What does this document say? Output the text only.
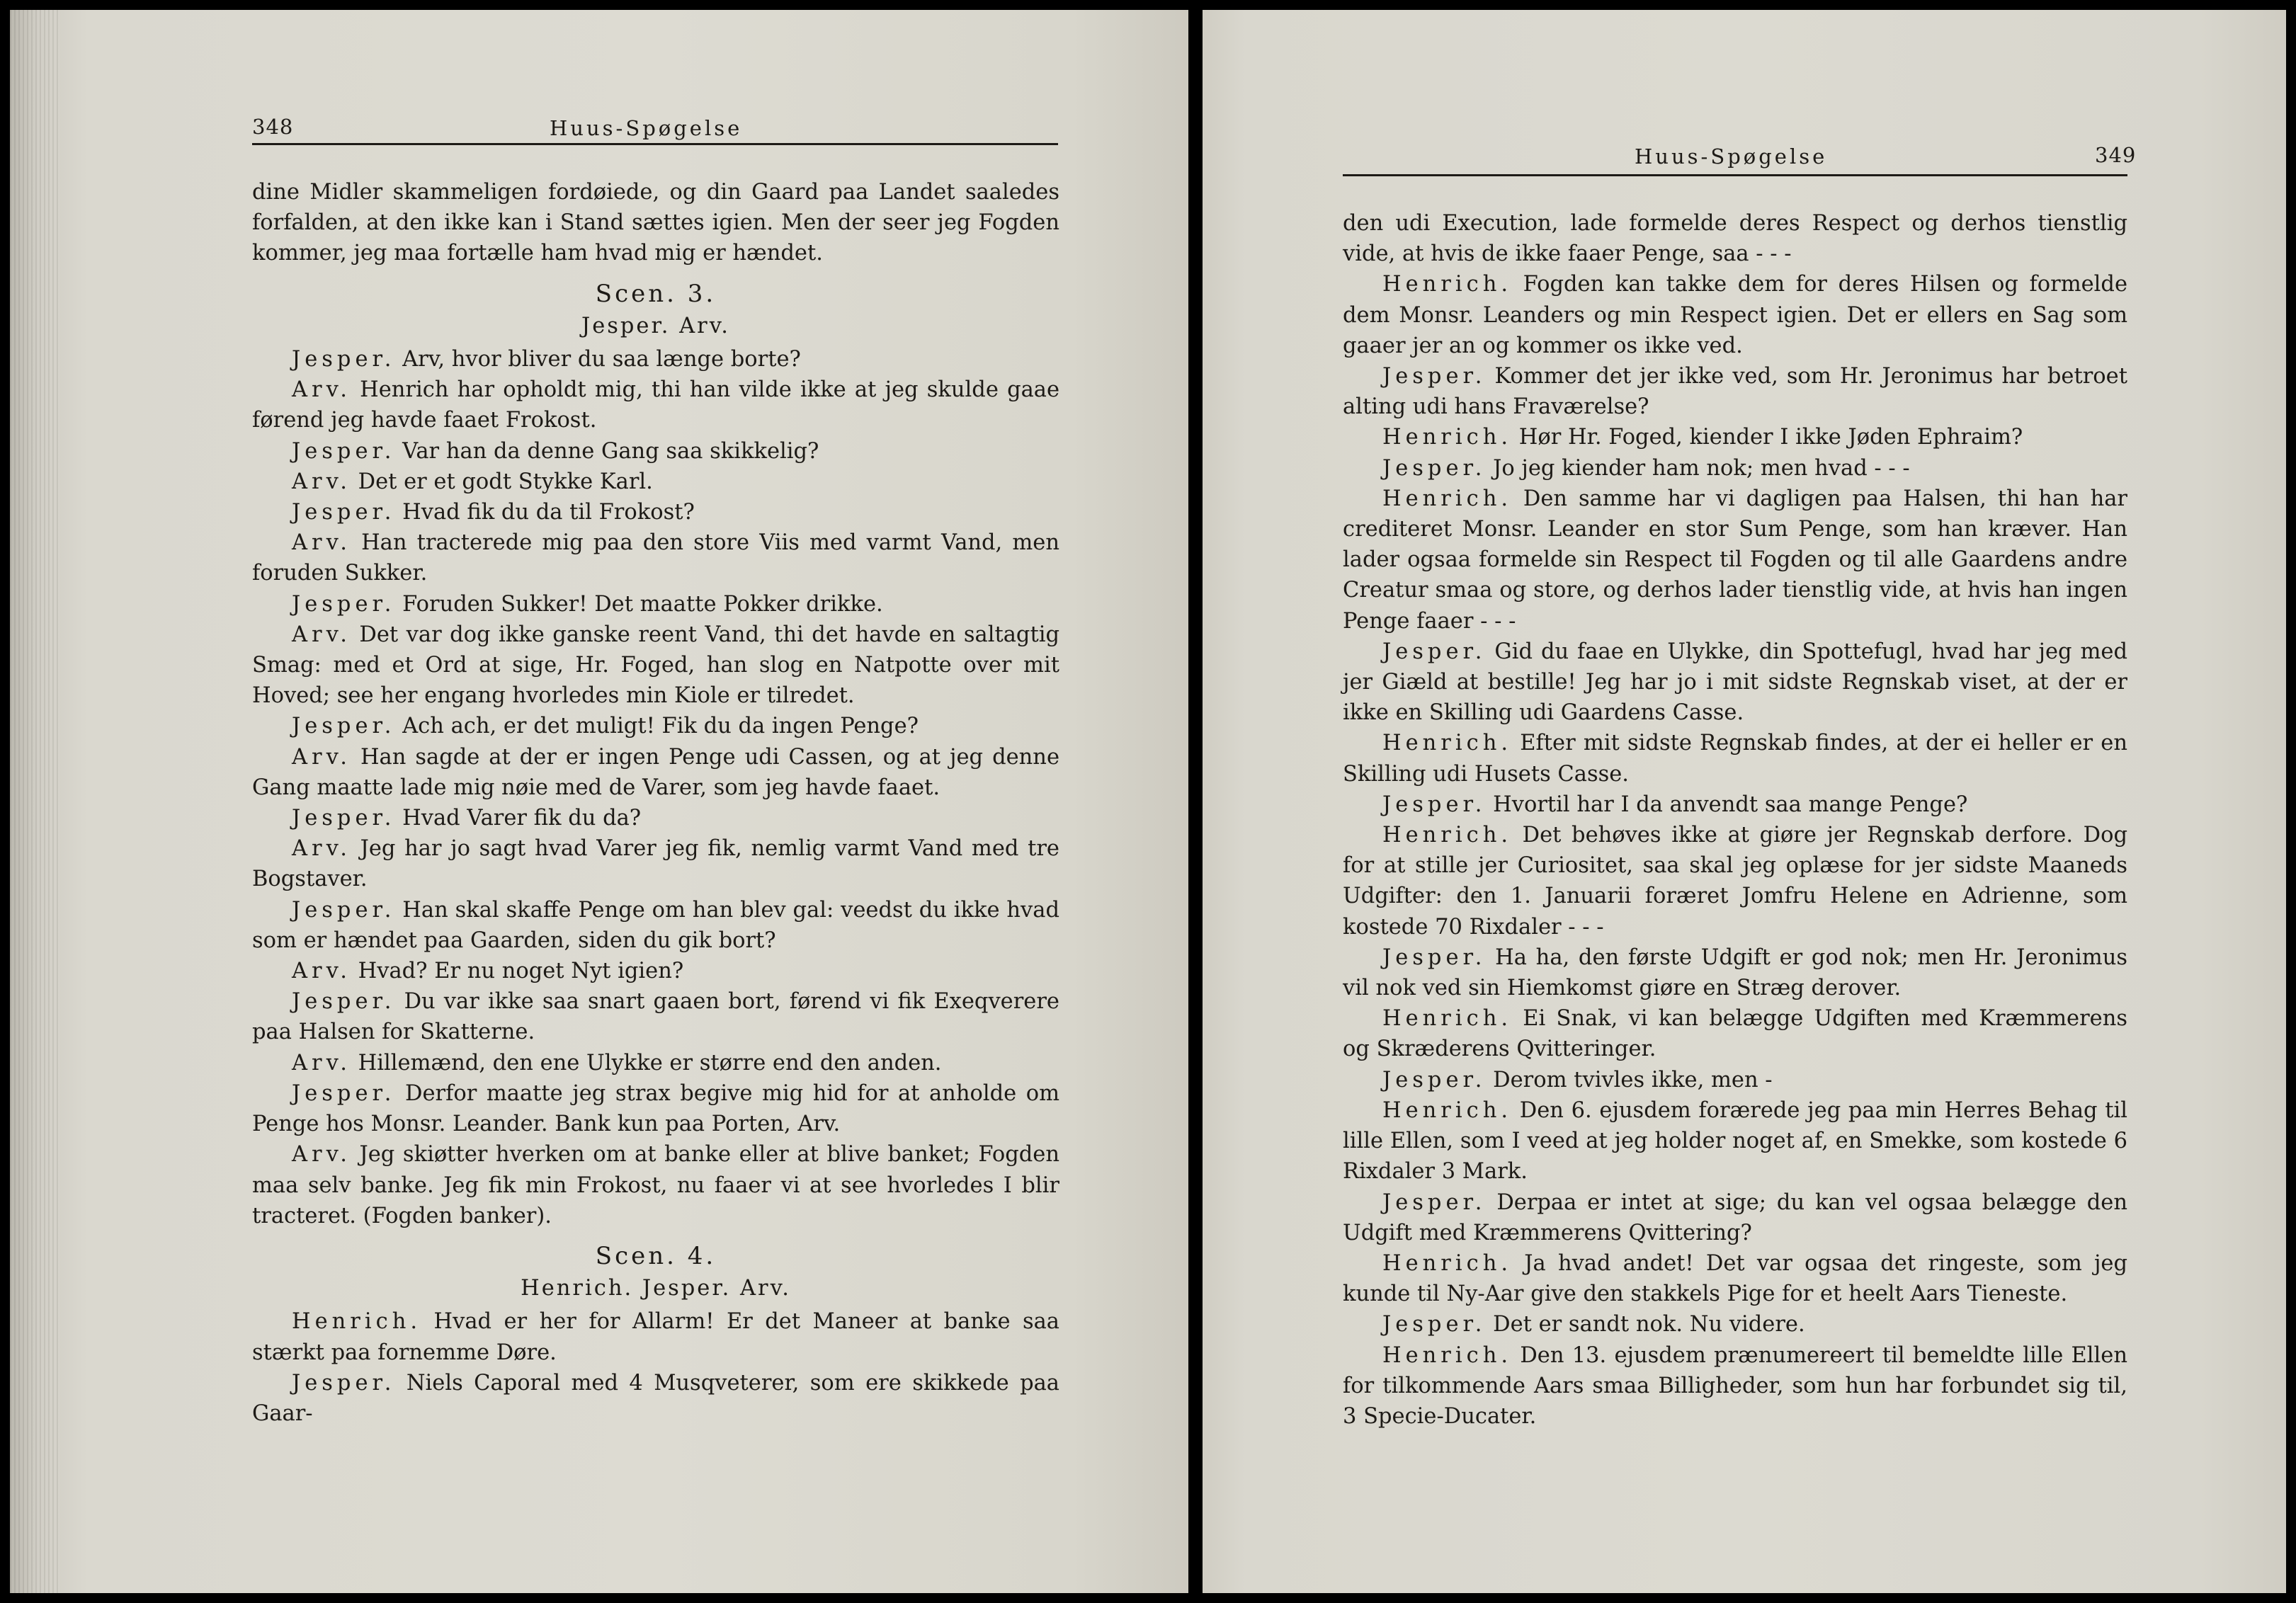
348	Huus-Spøgelse

dine Midler skammeligen fordøiede, og din Gaard paa Landet saaledes forfalden, at den ikke kan i Stand sættes igien. Men der seer jeg Fogden kommer, jeg maa fortælle ham hvad mig er hændet.

Scen. 3.
Jesper. Arv.

Jesper. Arv, hvor bliver du saa længe borte?

Arv. Henrich har opholdt mig, thi han vilde ikke at jeg skulde gaae førend jeg havde faaet Frokost.

Jesper. Var han da denne Gang saa skikkelig?

Arv. Det er et godt Stykke Karl.

Jesper. Hvad fik du da til Frokost?

Arv. Han tracterede mig paa den store Viis med varmt Vand, men foruden Sukker.

Jesper. Foruden Sukker! Det maatte Pokker drikke.

Arv. Det var dog ikke ganske reent Vand, thi det havde en saltagtig Smag: med et Ord at sige, Hr. Foged, han slog en Natpotte over mit Hoved; see her engang hvorledes min Kiole er tilredet.

Jesper. Ach ach, er det muligt! Fik du da ingen Penge?

Arv. Han sagde at der er ingen Penge udi Cassen, og at jeg denne Gang maatte lade mig nøie med de Varer, som jeg havde faaet.

Jesper. Hvad Varer fik du da?

Arv. Jeg har jo sagt hvad Varer jeg fik, nemlig varmt Vand med tre Bogstaver.

Jesper. Han skal skaffe Penge om han blev gal: veedst du ikke hvad som er hændet paa Gaarden, siden du gik bort?

Arv. Hvad? Er nu noget Nyt igien?

Jesper. Du var ikke saa snart gaaen bort, førend vi fik Exeqverere paa Halsen for Skatterne.

Arv. Hillemænd, den ene Ulykke er større end den anden.

Jesper. Derfor maatte jeg strax begive mig hid for at anholde om Penge hos Monsr. Leander. Bank kun paa Porten, Arv.

Arv. Jeg skiøtter hverken om at banke eller at blive banket; Fogden maa selv banke. Jeg fik min Frokost, nu faaer vi at see hvorledes I blir tracteret. (Fogden banker).

Scen. 4.
Henrich. Jesper. Arv.

Henrich. Hvad er her for Allarm! Er det Maneer at banke saa stærkt paa fornemme Døre.

Jesper. Niels Caporal med 4 Musqveterer, som ere skikkede paa Gaar-

Huus-Spøgelse	349

den udi Execution, lade formelde deres Respect og derhos tienstlig vide, at hvis de ikke faaer Penge, saa - - -

Henrich. Fogden kan takke dem for deres Hilsen og formelde dem Monsr. Leanders og min Respect igien. Det er ellers en Sag som gaaer jer an og kommer os ikke ved.

Jesper. Kommer det jer ikke ved, som Hr. Jeronimus har betroet alting udi hans Fraværelse?

Henrich. Hør Hr. Foged, kiender I ikke Jøden Ephraim?

Jesper. Jo jeg kiender ham nok; men hvad - - -

Henrich. Den samme har vi dagligen paa Halsen, thi han har crediteret Monsr. Leander en stor Sum Penge, som han kræver. Han lader ogsaa formelde sin Respect til Fogden og til alle Gaardens andre Creatur smaa og store, og derhos lader tienstlig vide, at hvis han ingen Penge faaer - - -

Jesper. Gid du faae en Ulykke, din Spottefugl, hvad har jeg med jer Giæld at bestille! Jeg har jo i mit sidste Regnskab viset, at der er ikke en Skilling udi Gaardens Casse.

Henrich. Efter mit sidste Regnskab findes, at der ei heller er en Skilling udi Husets Casse.

Jesper. Hvortil har I da anvendt saa mange Penge?

Henrich. Det behøves ikke at giøre jer Regnskab derfore. Dog for at stille jer Curiositet, saa skal jeg oplæse for jer sidste Maaneds Udgifter: den 1. Januarii foræret Jomfru Helene en Adrienne, som kostede 70 Rixdaler - - -

Jesper. Ha ha, den første Udgift er god nok; men Hr. Jeronimus vil nok ved sin Hiemkomst giøre en Stræg derover.

Henrich. Ei Snak, vi kan belægge Udgiften med Kræmmerens og Skræderens Qvitteringer.

Jesper. Derom tvivles ikke, men -

Henrich. Den 6. ejusdem forærede jeg paa min Herres Behag til lille Ellen, som I veed at jeg holder noget af, en Smekke, som kostede 6 Rixdaler 3 Mark.

Jesper. Derpaa er intet at sige; du kan vel ogsaa belægge den Udgift med Kræmmerens Qvittering?

Henrich. Ja hvad andet! Det var ogsaa det ringeste, som jeg kunde til Ny-Aar give den stakkels Pige for et heelt Aars Tieneste.

Jesper. Det er sandt nok. Nu videre.

Henrich. Den 13. ejusdem prænumereert til bemeldte lille Ellen for tilkommende Aars smaa Billigheder, som hun har forbundet sig til, 3 Specie-Ducater.
